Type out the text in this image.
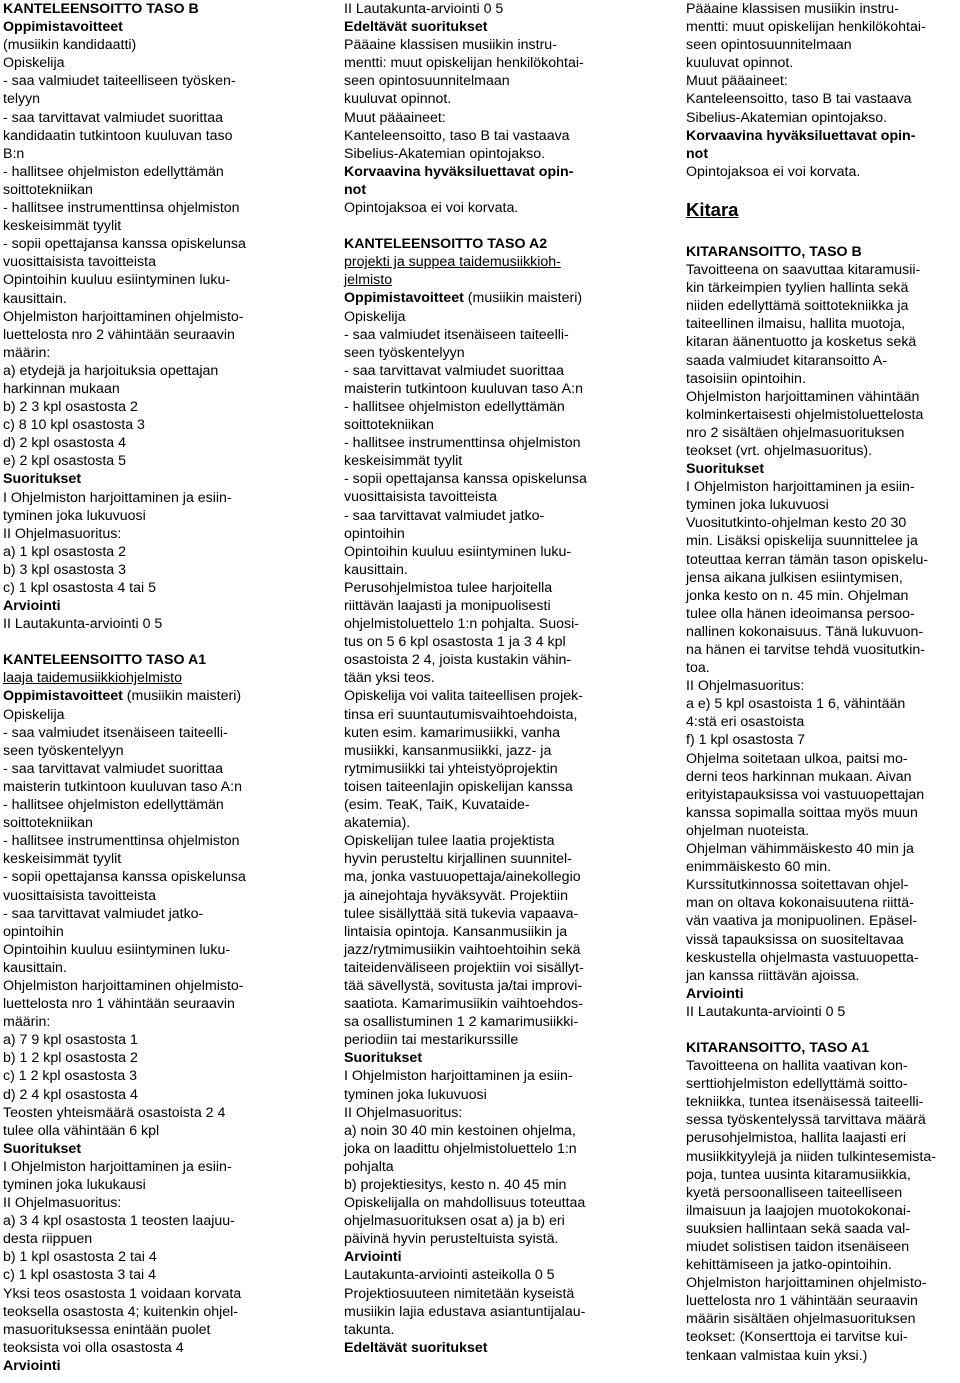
KANTELEENSOITTO TASO B

Oppimistavoitteet

(musiikin kandidaatti)

Opiskelija

- saa valmiudet taiteelliseen työsken-

telyyn

- saa tarvittavat valmiudet suorittaa

kandidaatin tutkintoon kuuluvan taso

B:n

- hallitsee ohjelmiston edellyttämän

soittotekniikan

- hallitsee instrumenttinsa ohjelmiston

keskeisimmät tyylit

- sopii opettajansa kanssa opiskelunsa

vuosittaisista tavoitteista

Opintoihin kuuluu esiintyminen luku-

kausittain.

Ohjelmiston harjoittaminen ohjelmisto-

luettelosta nro 2 vähintään seuraavin

määrin:

a) etydejä ja harjoituksia opettajan

harkinnan mukaan

b) 2 3 kpl osastosta 2

c) 8 10 kpl osastosta 3

d) 2 kpl osastosta 4

e) 2 kpl osastosta 5

Suoritukset

I Ohjelmiston harjoittaminen ja esiin-

tyminen joka lukuvuosi

II Ohjelmasuoritus:

a) 1 kpl osastosta 2

b) 3 kpl osastosta 3

c) 1 kpl osastosta 4 tai 5

Arviointi

II Lautakunta-arviointi 0 5

KANTELEENSOITTO TASO A1

laaja taidemusiikkiohjelmisto

Oppimistavoitteet (musiikin maisteri)

Opiskelija

- saa valmiudet itsenäiseen taiteelli-

seen työskentelyyn

- saa tarvittavat valmiudet suorittaa

maisterin tutkintoon kuuluvan taso A:n

- hallitsee ohjelmiston edellyttämän

soittotekniikan

- hallitsee instrumenttinsa ohjelmiston

keskeisimmät tyylit

- sopii opettajansa kanssa opiskelunsa

vuosittaisista tavoitteista

- saa tarvittavat valmiudet jatko-

opintoihin

Opintoihin kuuluu esiintyminen luku-

kausittain.

Ohjelmiston harjoittaminen ohjelmisto-

luettelosta nro 1 vähintään seuraavin

määrin:

a) 7 9 kpl osastosta 1

b) 1 2 kpl osastosta 2

c) 1 2 kpl osastosta 3

d) 2 4 kpl osastosta 4

Teosten yhteismäärä osastoista 2 4

tulee olla vähintään 6 kpl

Suoritukset

I Ohjelmiston harjoittaminen ja esiin-

tyminen joka lukukausi

II Ohjelmasuoritus:

a) 3 4 kpl osastosta 1 teosten laajuu-

desta riippuen

b) 1 kpl osastosta 2 tai 4

c) 1 kpl osastosta 3 tai 4

Yksi teos osastosta 1 voidaan korvata

teoksella osastosta 4; kuitenkin ohjel-

masuorituksessa enintään puolet

teoksista voi olla osastosta 4

Arviointi

II Lautakunta-arviointi 0 5

Edeltävät suoritukset

Pääaine klassisen musiikin instru-

mentti: muut opiskelijan henkilökohtai-

seen opintosuunnitelmaan

kuuluvat opinnot.

Muut pääaineet:

Kanteleensoitto, taso B tai vastaava

Sibelius-Akatemian opintojakso.

Korvaavina hyväksiluettavat opin-

not

Opintojaksoa ei voi korvata.

KANTELEENSOITTO TASO A2

projekti ja suppea taidemusiikkioh-

jelmisto

Oppimistavoitteet (musiikin maisteri)

Opiskelija

- saa valmiudet itsenäiseen taiteelli-

seen työskentelyyn

- saa tarvittavat valmiudet suorittaa

maisterin tutkintoon kuuluvan taso A:n

- hallitsee ohjelmiston edellyttämän

soittotekniikan

- hallitsee instrumenttinsa ohjelmiston

keskeisimmät tyylit

- sopii opettajansa kanssa opiskelunsa

vuosittaisista tavoitteista

- saa tarvittavat valmiudet jatko-

opintoihin

Opintoihin kuuluu esiintyminen luku-

kausittain.

Perusohjelmistoa tulee harjoitella

riittävän laajasti ja monipuolisesti

ohjelmistoluettelo 1:n pohjalta. Suosi-

tus on 5 6 kpl osastosta 1 ja 3 4 kpl

osastoista 2 4, joista kustakin vähin-

tään yksi teos.

Opiskelija voi valita taiteellisen projek-

tinsa eri suuntautumisvaihtoehdoista,

kuten esim. kamarimusiikki, vanha

musiikki, kansanmusiikki, jazz- ja

rytmimusiikki tai yhteistyöprojektin

toisen taiteenlajin opiskelijan kanssa

(esim. TeaK, TaiK, Kuvataide-

akatemia).

Opiskelijan tulee laatia projektista

hyvin perusteltu kirjallinen suunnitel-

ma, jonka vastuuopettaja/ainekollegio

ja ainejohtaja hyväksyvät. Projektiin

tulee sisällyttää sitä tukevia vapaava-

lintaisia opintoja. Kansanmusiikin ja

jazz/rytmimusiikin vaihtoehtoihin sekä

taiteidenväliseen projektiin voi sisällyt-

tää sävellystä, sovitusta ja/tai improvi-

saatiota. Kamarimusiikin vaihtoehdos-

sa osallistuminen 1 2 kamarimusiikki-

periodiin tai mestarikurssille

Suoritukset

I Ohjelmiston harjoittaminen ja esiin-

tyminen joka lukuvuosi

II Ohjelmasuoritus:

a) noin 30 40 min kestoinen ohjelma,

joka on laadittu ohjelmistoluettelo 1:n

pohjalta

b) projektiesitys, kesto n. 40 45 min

Opiskelijalla on mahdollisuus toteuttaa

ohjelmasuorituksen osat a) ja b) eri

päivinä hyvin perusteltuista syistä.

Arviointi

Lautakunta-arviointi asteikolla 0 5

Projektiosuuteen nimitetään kyseistä

musiikin lajia edustava asiantuntijalau-

takunta.

Edeltävät suoritukset

Pääaine klassisen musiikin instru-

mentti: muut opiskelijan henkilökohtai-

seen opintosuunnitelmaan

kuuluvat opinnot.

Muut pääaineet:

Kanteleensoitto, taso B tai vastaava

Sibelius-Akatemian opintojakso.

Korvaavina hyväksiluettavat opin-

not

Opintojaksoa ei voi korvata.

Kitara

KITARANSOITTO, TASO B

Tavoitteena on saavuttaa kitaramusii-

kin tärkeimpien tyylien hallinta sekä

niiden edellyttämä soittotekniikka ja

taiteellinen ilmaisu, hallita muotoja,

kitaran äänentuotto ja kosketus sekä

saada valmiudet kitaransoitto A-

tasoisiin opintoihin.

Ohjelmiston harjoittaminen vähintään

kolminkertaisesti ohjelmistoluettelosta

nro 2 sisältäen ohjelmasuorituksen

teokset (vrt. ohjelmasuoritus).

Suoritukset

I Ohjelmiston harjoittaminen ja esiin-

tyminen joka lukuvuosi

Vuositutkinto-ohjelman kesto 20 30

min. Lisäksi opiskelija suunnittelee ja

toteuttaa kerran tämän tason opiskelu-

jensa aikana julkisen esiintymisen,

jonka kesto on n. 45 min. Ohjelman

tulee olla hänen ideoimansa persoo-

nallinen kokonaisuus. Tänä lukuvuon-

na hänen ei tarvitse tehdä vuositutkin-

toa.

II Ohjelmasuoritus:

a e) 5 kpl osastoista 1 6, vähintään

4:stä eri osastoista

f) 1 kpl osastosta 7

Ohjelma soitetaan ulkoa, paitsi mo-

derni teos harkinnan mukaan. Aivan

erityistapauksissa voi vastuuopettajan

kanssa sopimalla soittaa myös muun

ohjelman nuoteista.

Ohjelman vähimmäiskesto 40 min ja

enimmäiskesto 60 min.

Kurssitutkinnossa soitettavan ohjel-

man on oltava kokonaisuutena riittä-

vän vaativa ja monipuolinen. Epäsel-

vissä tapauksissa on suositeltavaa

keskustella ohjelmasta vastuuopetta-

jan kanssa riittävän ajoissa.

Arviointi

II Lautakunta-arviointi 0 5

KITARANSOITTO, TASO A1

Tavoitteena on hallita vaativan kon-

serttiohjelmiston edellyttämä soitto-

tekniikka, tuntea itsenäisessä taiteelli-

sessa työskentelyssä tarvittava määrä

perusohjelmistoa, hallita laajasti eri

musiikkityylejä ja niiden tulkintesemista-

poja, tuntea uusinta kitaramusiikkia,

kyetä persoonalliseen taiteelliseen

ilmaisuun ja laajojen muotokokonai-

suuksien hallintaan sekä saada val-

miudet solistisen taidon itsenäiseen

kehittämiseen ja jatko-opintoihin.

Ohjelmiston harjoittaminen ohjelmisto-

luettelosta nro 1 vähintään seuraavin

määrin sisältäen ohjelmasuorituksen

teokset: (Konserttoja ei tarvitse kui-

tenkaan valmistaa kuin yksi.)
